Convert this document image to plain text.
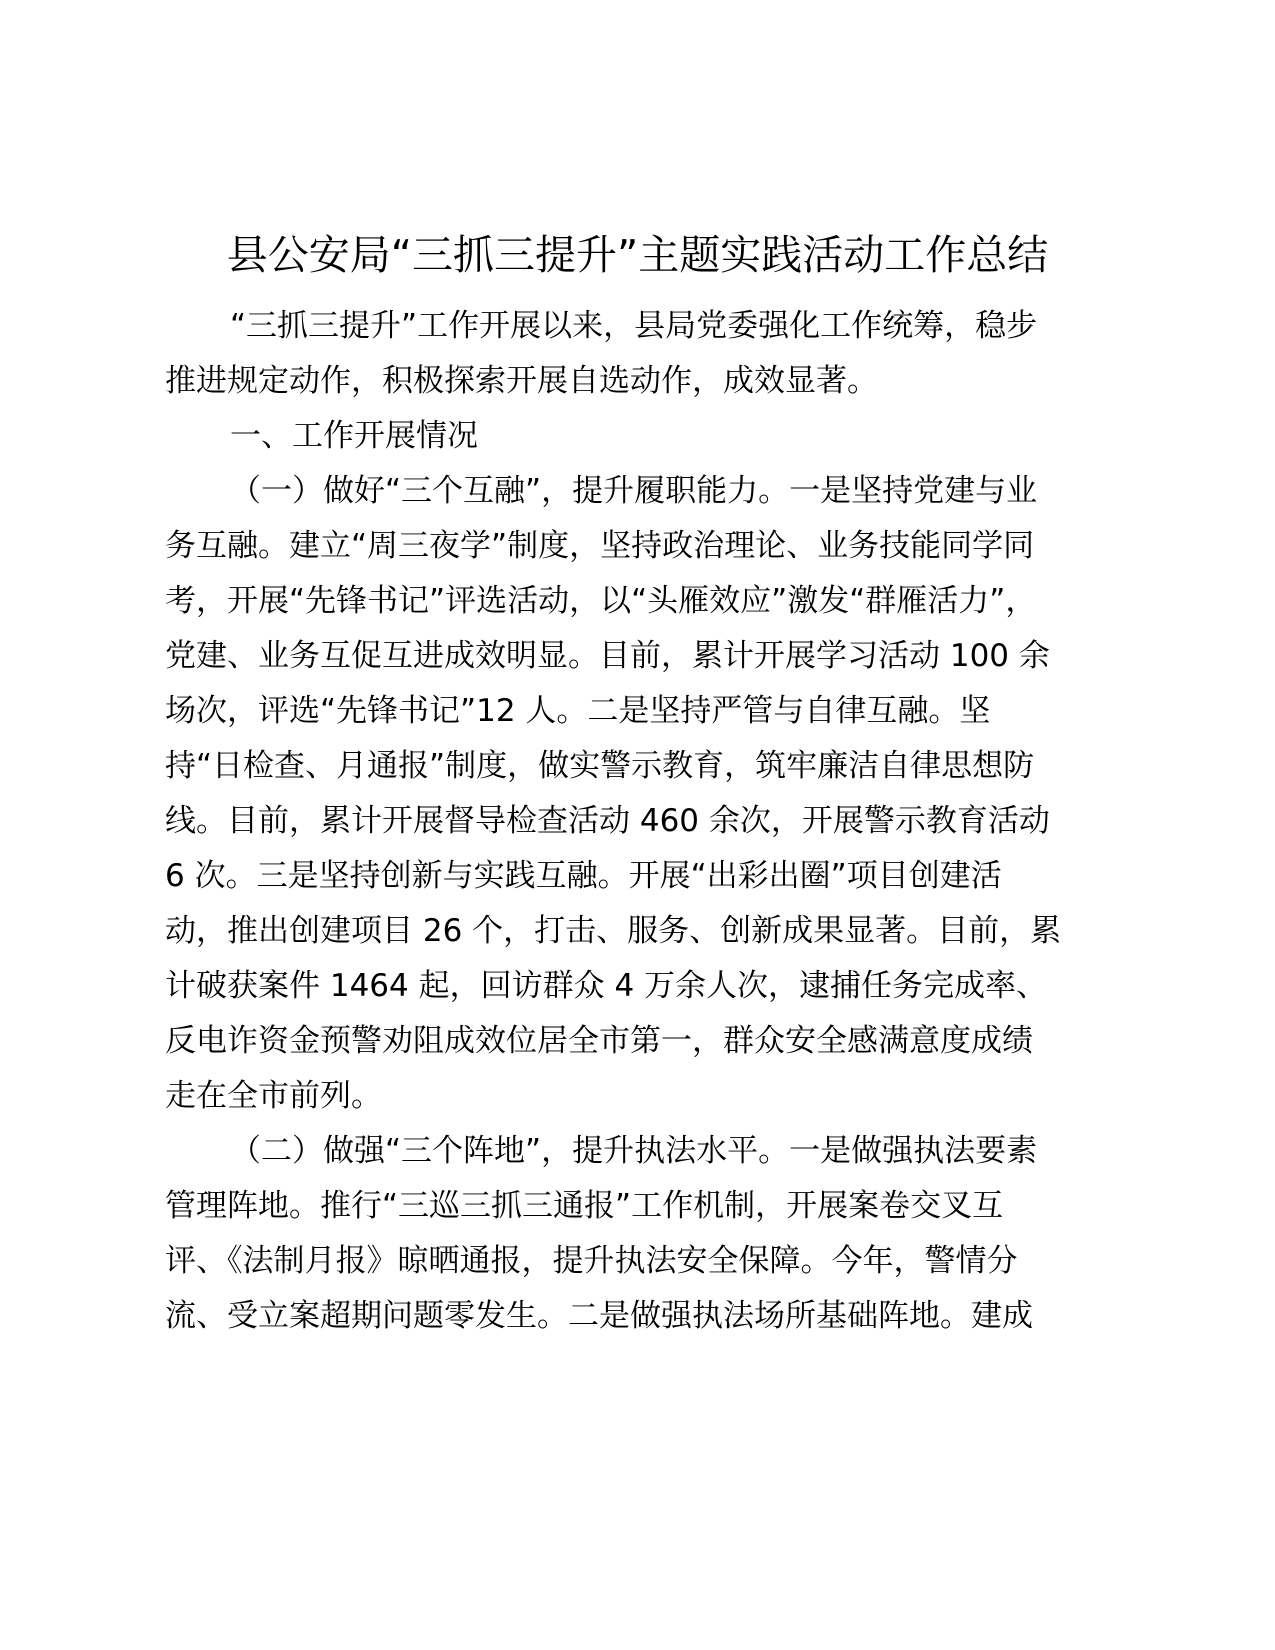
县公安局“三抓三提升”主题实践活动工作总结

“三抓三提升”工作开展以来，县局党委强化工作统筹，稳步

推进规定动作，积极探索开展自选动作，成效显著。

一、工作开展情况

（一）做好“三个互融”，提升履职能力。一是坚持党建与业

务互融。建立“周三夜学”制度，坚持政治理论、业务技能同学同

考，开展“先锋书记”评选活动，以“头雁效应”激发“群雁活力”，

党建、业务互促互进成效明显。目前，累计开展学习活动 100 余

场次，评选“先锋书记”12 人。二是坚持严管与自律互融。坚

持“日检查、月通报”制度，做实警示教育，筑牢廉洁自律思想防

线。目前，累计开展督导检查活动 460 余次，开展警示教育活动

6 次。三是坚持创新与实践互融。开展“出彩出圈”项目创建活

动，推出创建项目 26 个，打击、服务、创新成果显著。目前，累

计破获案件 1464 起，回访群众 4 万余人次，逮捕任务完成率、

反电诈资金预警劝阻成效位居全市第一，群众安全感满意度成绩

走在全市前列。

（二）做强“三个阵地”，提升执法水平。一是做强执法要素

管理阵地。推行“三巡三抓三通报”工作机制，开展案卷交叉互

评、《法制月报》晾晒通报，提升执法安全保障。今年，警情分

流、受立案超期问题零发生。二是做强执法场所基础阵地。建成
